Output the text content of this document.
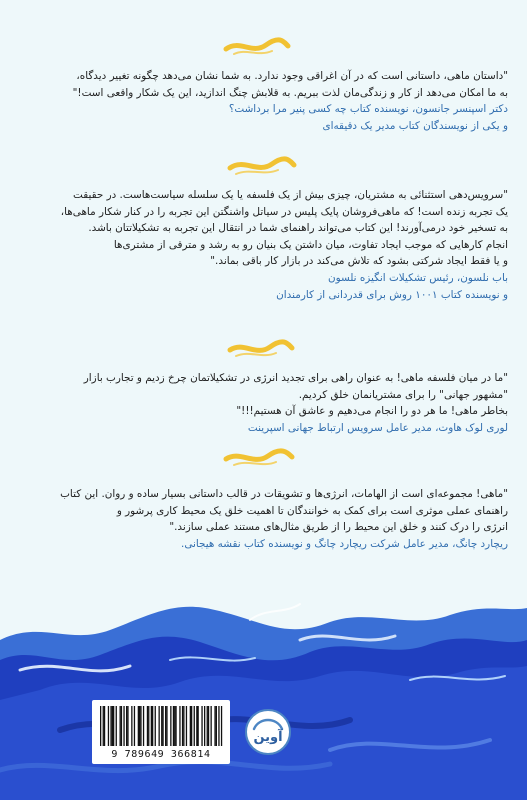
"داستان ماهی، داستانی است که در آن اغراقی وجود ندارد. به شما نشان می‌دهد چگونه تغییر دیدگاه،

به ما امکان می‌دهد از کار و زندگی‌مان لذت ببریم. به قلابش چنگ اندازید، این یک شکار واقعی است!"

دکتر اسپنسر جانسون، نویسنده کتاب چه کسی پنیر مرا برداشت؟

و یکی از نویسندگان کتاب مدیر یک دقیقه‌ای

"سرویس‌دهی استثنائی به مشتریان، چیزی بیش از یک فلسفه یا یک سلسله سیاست‌هاست. در حقیقت

یک تجربه زنده است! که ماهی‌فروشان پایک پلیس در سیاتل واشنگتن این تجربه را در کنار شکار ماهی‌ها،

به تسخیر خود درمی‌آورند! این کتاب می‌تواند راهنمای شما در انتقال این تجربه به تشکیلاتتان باشد.

انجام کارهایی که موجب ایجاد تفاوت، میان داشتن یک بنیان رو به رشد و مترقی از مشتری‌ها

و یا فقط ایجاد شرکتی بشود که تلاش می‌کند در بازار کار باقی بماند."

باب نلسون، رئیس تشکیلات انگیزه نلسون

و نویسنده کتاب ۱۰۰۱ روش برای قدردانی از کارمندان

"ما در میان فلسفه ماهی! به عنوان راهی برای تجدید انرژی در تشکیلاتمان چرخ زدیم و تجارب بازار

"مشهور جهانی" را برای مشتریانمان خلق کردیم.

بخاطر ماهی! ما هر دو را انجام می‌دهیم و عاشق آن هستیم!!!"

لوری لوک هاوت، مدیر عامل سرویس ارتباط جهانی اسپرینت

"ماهی! مجموعه‌ای است از الهامات، انرژی‌ها و تشویقات در قالب داستانی بسیار ساده و روان. این کتاب

راهنمای عملی موثری است برای کمک به خوانندگان تا اهمیت خلق یک محیط کاری پرشور و

انرژی را درک کنند و خلق این محیط را از طریق مثال‌های مستند عملی سازند."

ریچارد چانگ، مدیر عامل شرکت ریچارد چانگ و نویسنده کتاب نقشه هیجانی.

9 789649 366814
آوین
